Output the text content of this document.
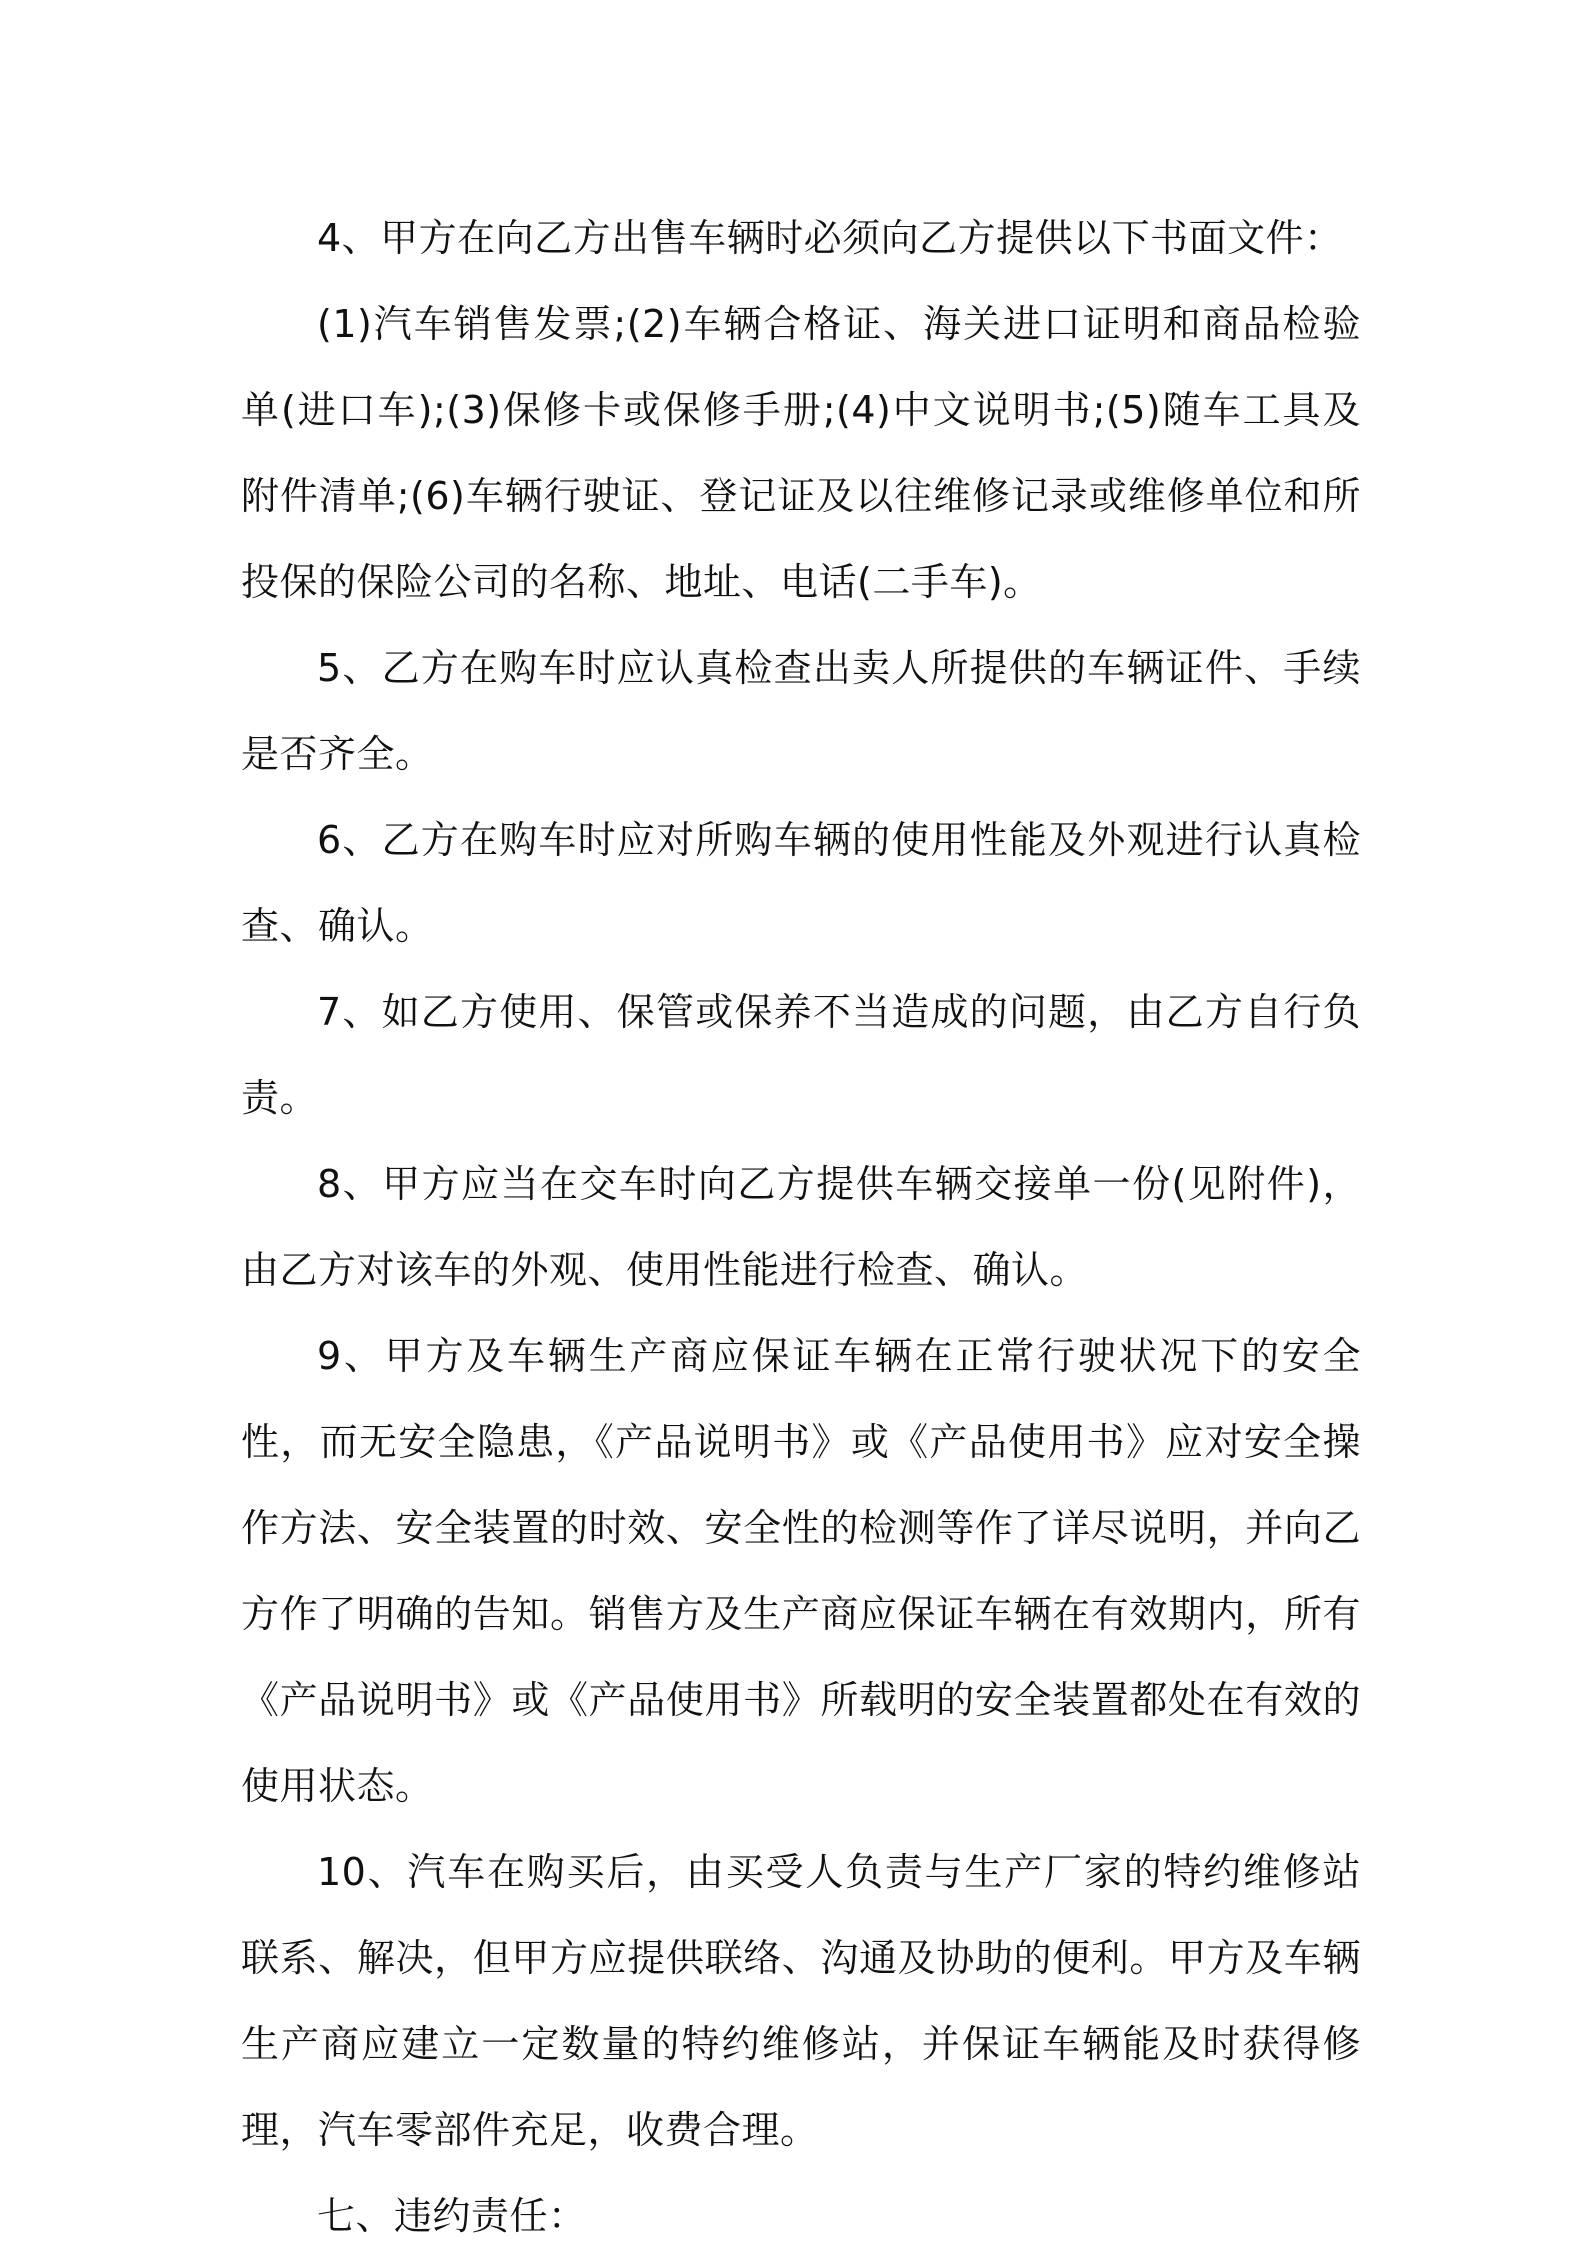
4、甲方在向乙方出售车辆时必须向乙方提供以下书面文件：

(1)汽车销售发票;(2)车辆合格证、海关进口证明和商品检验单(进口车);(3)保修卡或保修手册;(4)中文说明书;(5)随车工具及附件清单;(6)车辆行驶证、登记证及以往维修记录或维修单位和所投保的保险公司的名称、地址、电话(二手车)。

5、乙方在购车时应认真检查出卖人所提供的车辆证件、手续是否齐全。

6、乙方在购车时应对所购车辆的使用性能及外观进行认真检查、确认。

7、如乙方使用、保管或保养不当造成的问题，由乙方自行负责。

8、甲方应当在交车时向乙方提供车辆交接单一份(见附件)，由乙方对该车的外观、使用性能进行检查、确认。

9、甲方及车辆生产商应保证车辆在正常行驶状况下的安全性，而无安全隐患，《产品说明书》或《产品使用书》应对安全操作方法、安全装置的时效、安全性的检测等作了详尽说明，并向乙方作了明确的告知。销售方及生产商应保证车辆在有效期内，所有《产品说明书》或《产品使用书》所载明的安全装置都处在有效的使用状态。

10、汽车在购买后，由买受人负责与生产厂家的特约维修站联系、解决，但甲方应提供联络、沟通及协助的便利。甲方及车辆生产商应建立一定数量的特约维修站，并保证车辆能及时获得修理，汽车零部件充足，收费合理。

七、违约责任：
